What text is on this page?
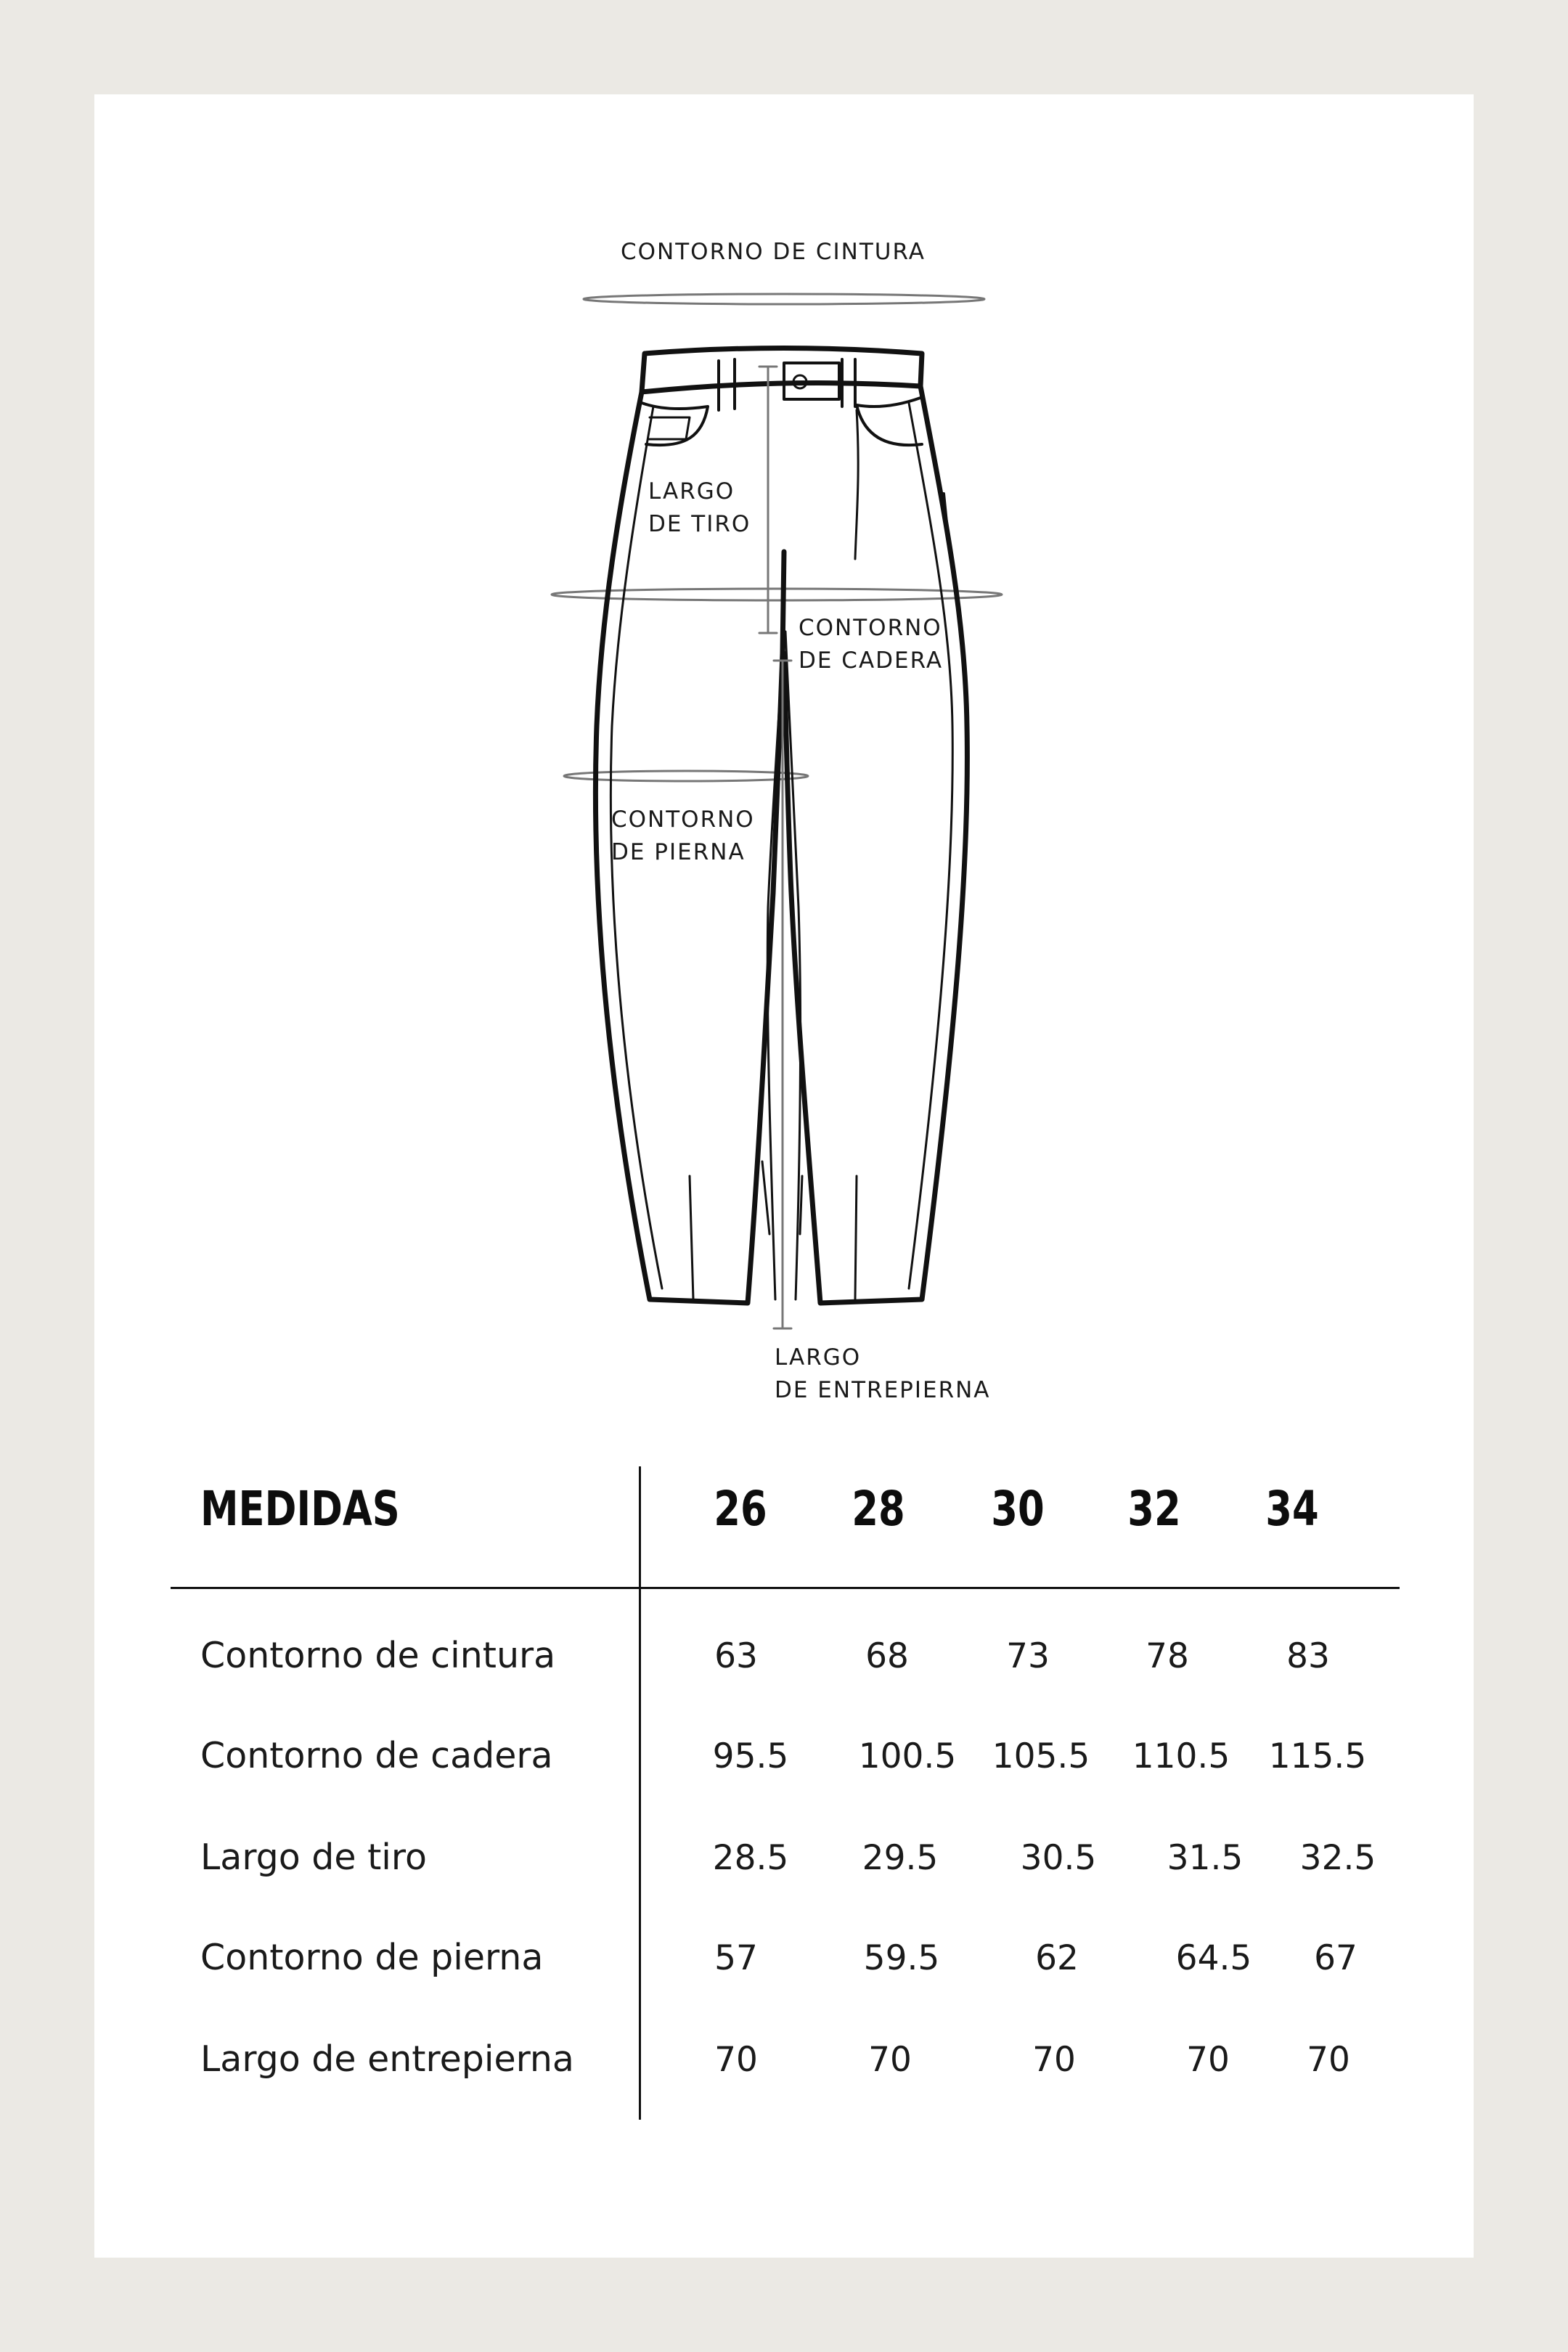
CONTORNO DE CINTURA
LARGO
DE TIRO
CONTORNO
DE CADERA
CONTORNO
DE PIERNA
LARGO
DE ENTREPIERNA
MEDIDAS	26	28	30	32	34
Contorno de cintura	63	68	73	78	83
Contorno de cadera	95.5	100.5	105.5	110.5	115.5
Largo de tiro	28.5	29.5	30.5	31.5	32.5
Contorno de pierna	57	59.5	62	64.5	67
Largo de entrepierna	70	70	70	70	70
